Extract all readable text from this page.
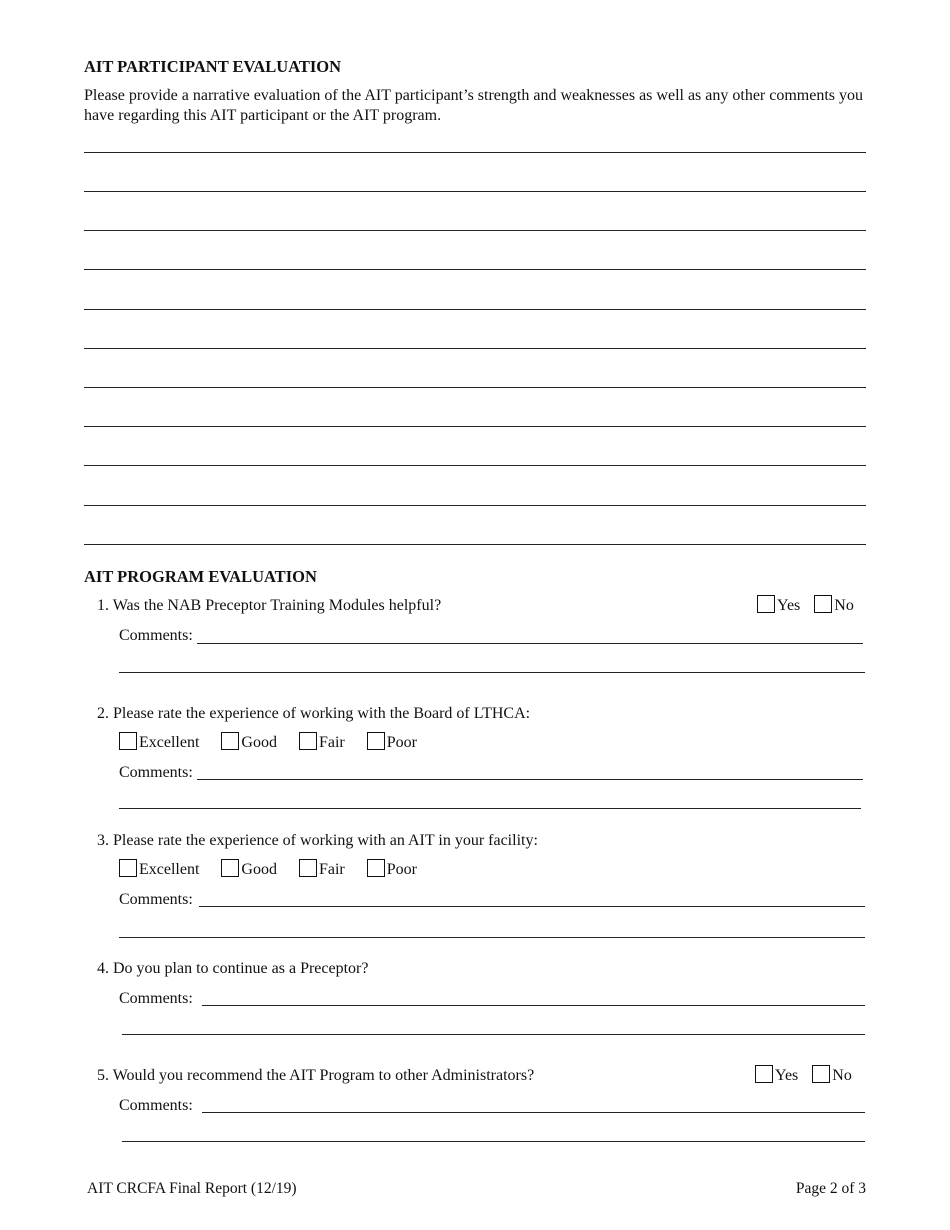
AIT PARTICIPANT EVALUATION
Please provide a narrative evaluation of the AIT participant’s strength and weaknesses as well as any other comments you have regarding this AIT participant or the AIT program.
AIT PROGRAM EVALUATION
1. Was the NAB Preceptor Training Modules helpful?	Yes No
Comments:
2. Please rate the experience of working with the Board of LTHCA:
Excellent	Good	Fair	Poor
Comments:
3. Please rate the experience of working with an AIT in your facility:
Excellent	Good	Fair	Poor
Comments:
4. Do you plan to continue as a Preceptor?
Comments:
5. Would you recommend the AIT Program to other Administrators?	Yes No
Comments:
AIT CRCFA Final Report (12/19)	Page 2 of 3
